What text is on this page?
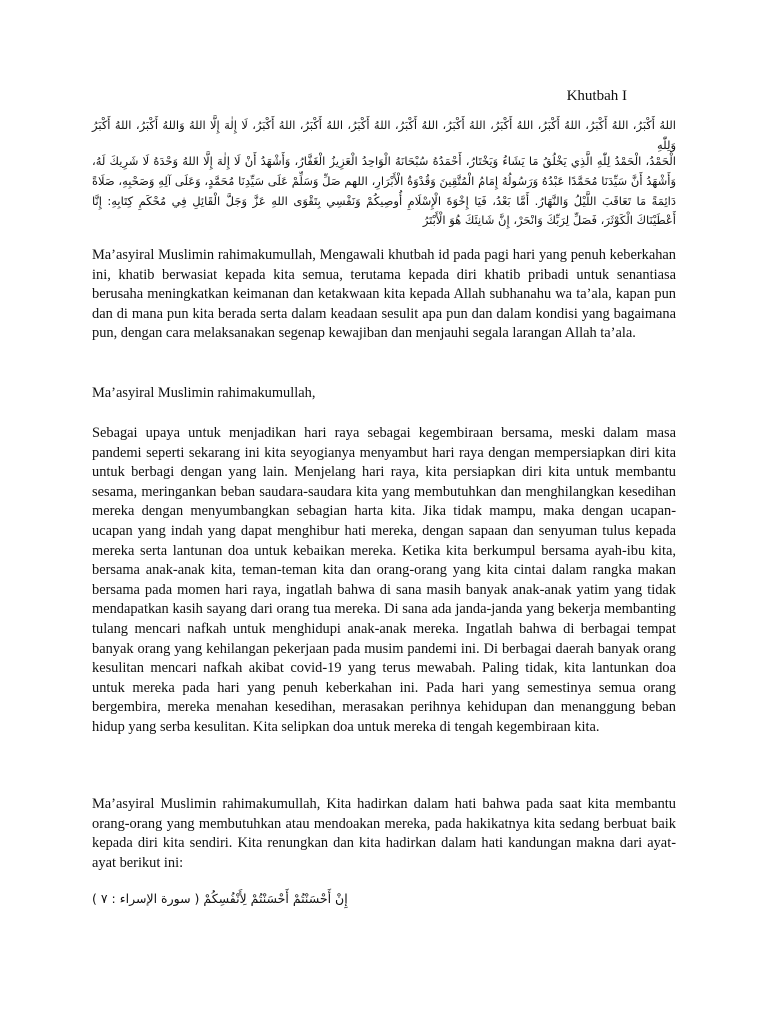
Khutbah I

اللهُ أَكْبَرُ، اللهُ أَكْبَرُ، اللهُ أَكْبَرُ، اللهُ أَكْبَرُ، اللهُ أَكْبَرُ، اللهُ أَكْبَرُ، اللهُ أَكْبَرُ، اللهُ أَكْبَرُ، اللهُ أَكْبَرُ، لَا إِلٰهَ إِلَّا اللهُ وَاللهُ أَكْبَرُ، اللهُ أَكْبَرُ وَلِلّٰهِ

الْحَمْدُ، الْحَمْدُ لِلّٰهِ الَّذِي يَخْلُقُ مَا يَشَاءُ وَيَخْتَارُ، أَحْمَدُهُ سُبْحَانَهُ الْوَاحِدُ الْعَزِيزُ الْغَفَّارُ، وَأَشْهَدُ أَنْ لَا إِلٰهَ إِلَّا اللهُ وَحْدَهُ لَا شَرِيكَ لَهُ، وَأَشْهَدُ أَنَّ سَيِّدَنَا مُحَمَّدًا عَبْدُهُ وَرَسُولُهُ إِمَامُ الْمُتَّقِينَ وَقُدْوَةُ الْأَبْرَارِ، اللهم صَلِّ وَسَلِّمْ عَلَى سَيِّدِنَا مُحَمَّدٍ، وَعَلَى آلِهِ وَصَحْبِهِ، صَلَاةً دَائِمَةً مَا تَعَاقَبَ اللَّيْلُ وَالنَّهَارُ. أَمَّا بَعْدُ، فَيَا إِخْوَةَ الْإِسْلَامِ أُوصِيكُمْ وَنَفْسِي بِتَقْوَى اللهِ عَزَّ وَجَلَّ الْقَائِلِ فِي مُحْكَمِ كِتَابِهِ: إِنَّا أَعْطَيْنَاكَ الْكَوْثَرَ، فَصَلِّ لِرَبِّكَ وَانْحَرْ، إِنَّ شَانِئَكَ هُوَ الْأَبْتَرُ

Ma’asyiral Muslimin rahimakumullah, Mengawali khutbah id pada pagi hari yang penuh keberkahan ini, khatib berwasiat kepada kita semua, terutama kepada diri khatib pribadi untuk senantiasa berusaha meningkatkan keimanan dan ketakwaan kita kepada Allah subhanahu wa ta’ala, kapan pun dan di mana pun kita berada serta dalam keadaan sesulit apa pun dan dalam kondisi yang bagaimana pun, dengan cara melaksanakan segenap kewajiban dan menjauhi segala larangan Allah ta’ala.

Ma’asyiral Muslimin rahimakumullah,

Sebagai upaya untuk menjadikan hari raya sebagai kegembiraan bersama, meski dalam masa pandemi seperti sekarang ini kita seyogianya menyambut hari raya dengan mempersiapkan diri kita untuk berbagi dengan yang lain. Menjelang hari raya, kita persiapkan diri kita untuk membantu sesama, meringankan beban saudara-saudara kita yang membutuhkan dan menghilangkan kesedihan mereka dengan menyumbangkan sebagian harta kita. Jika tidak mampu, maka dengan ucapan-ucapan yang indah yang dapat menghibur hati mereka, dengan sapaan dan senyuman tulus kepada mereka serta lantunan doa untuk kebaikan mereka. Ketika kita berkumpul bersama ayah-ibu kita, bersama anak-anak kita, teman-teman kita dan orang-orang yang kita cintai dalam rangka makan bersama pada momen hari raya, ingatlah bahwa di sana masih banyak anak-anak yatim yang tidak mendapatkan kasih sayang dari orang tua mereka. Di sana ada janda-janda yang bekerja membanting tulang mencari nafkah untuk menghidupi anak-anak mereka. Ingatlah bahwa di berbagai tempat banyak orang yang kehilangan pekerjaan pada musim pandemi ini. Di berbagai daerah banyak orang kesulitan mencari nafkah akibat covid-19 yang terus mewabah. Paling tidak, kita lantunkan doa untuk mereka pada hari yang penuh keberkahan ini. Pada hari yang semestinya semua orang bergembira, mereka menahan kesedihan, merasakan perihnya kehidupan dan menanggung beban hidup yang serba kesulitan. Kita selipkan doa untuk mereka di tengah kegembiraan kita.

Ma’asyiral Muslimin rahimakumullah, Kita hadirkan dalam hati bahwa pada saat kita membantu orang-orang yang membutuhkan atau mendoakan mereka, pada hakikatnya kita sedang berbuat baik kepada diri kita sendiri. Kita renungkan dan kita hadirkan dalam hati kandungan makna dari ayat-ayat berikut ini:

إِنْ أَحْسَنْتُمْ أَحْسَنْتُمْ لِأَنْفُسِكُمْ ( سورة الإسراء : ٧ )
